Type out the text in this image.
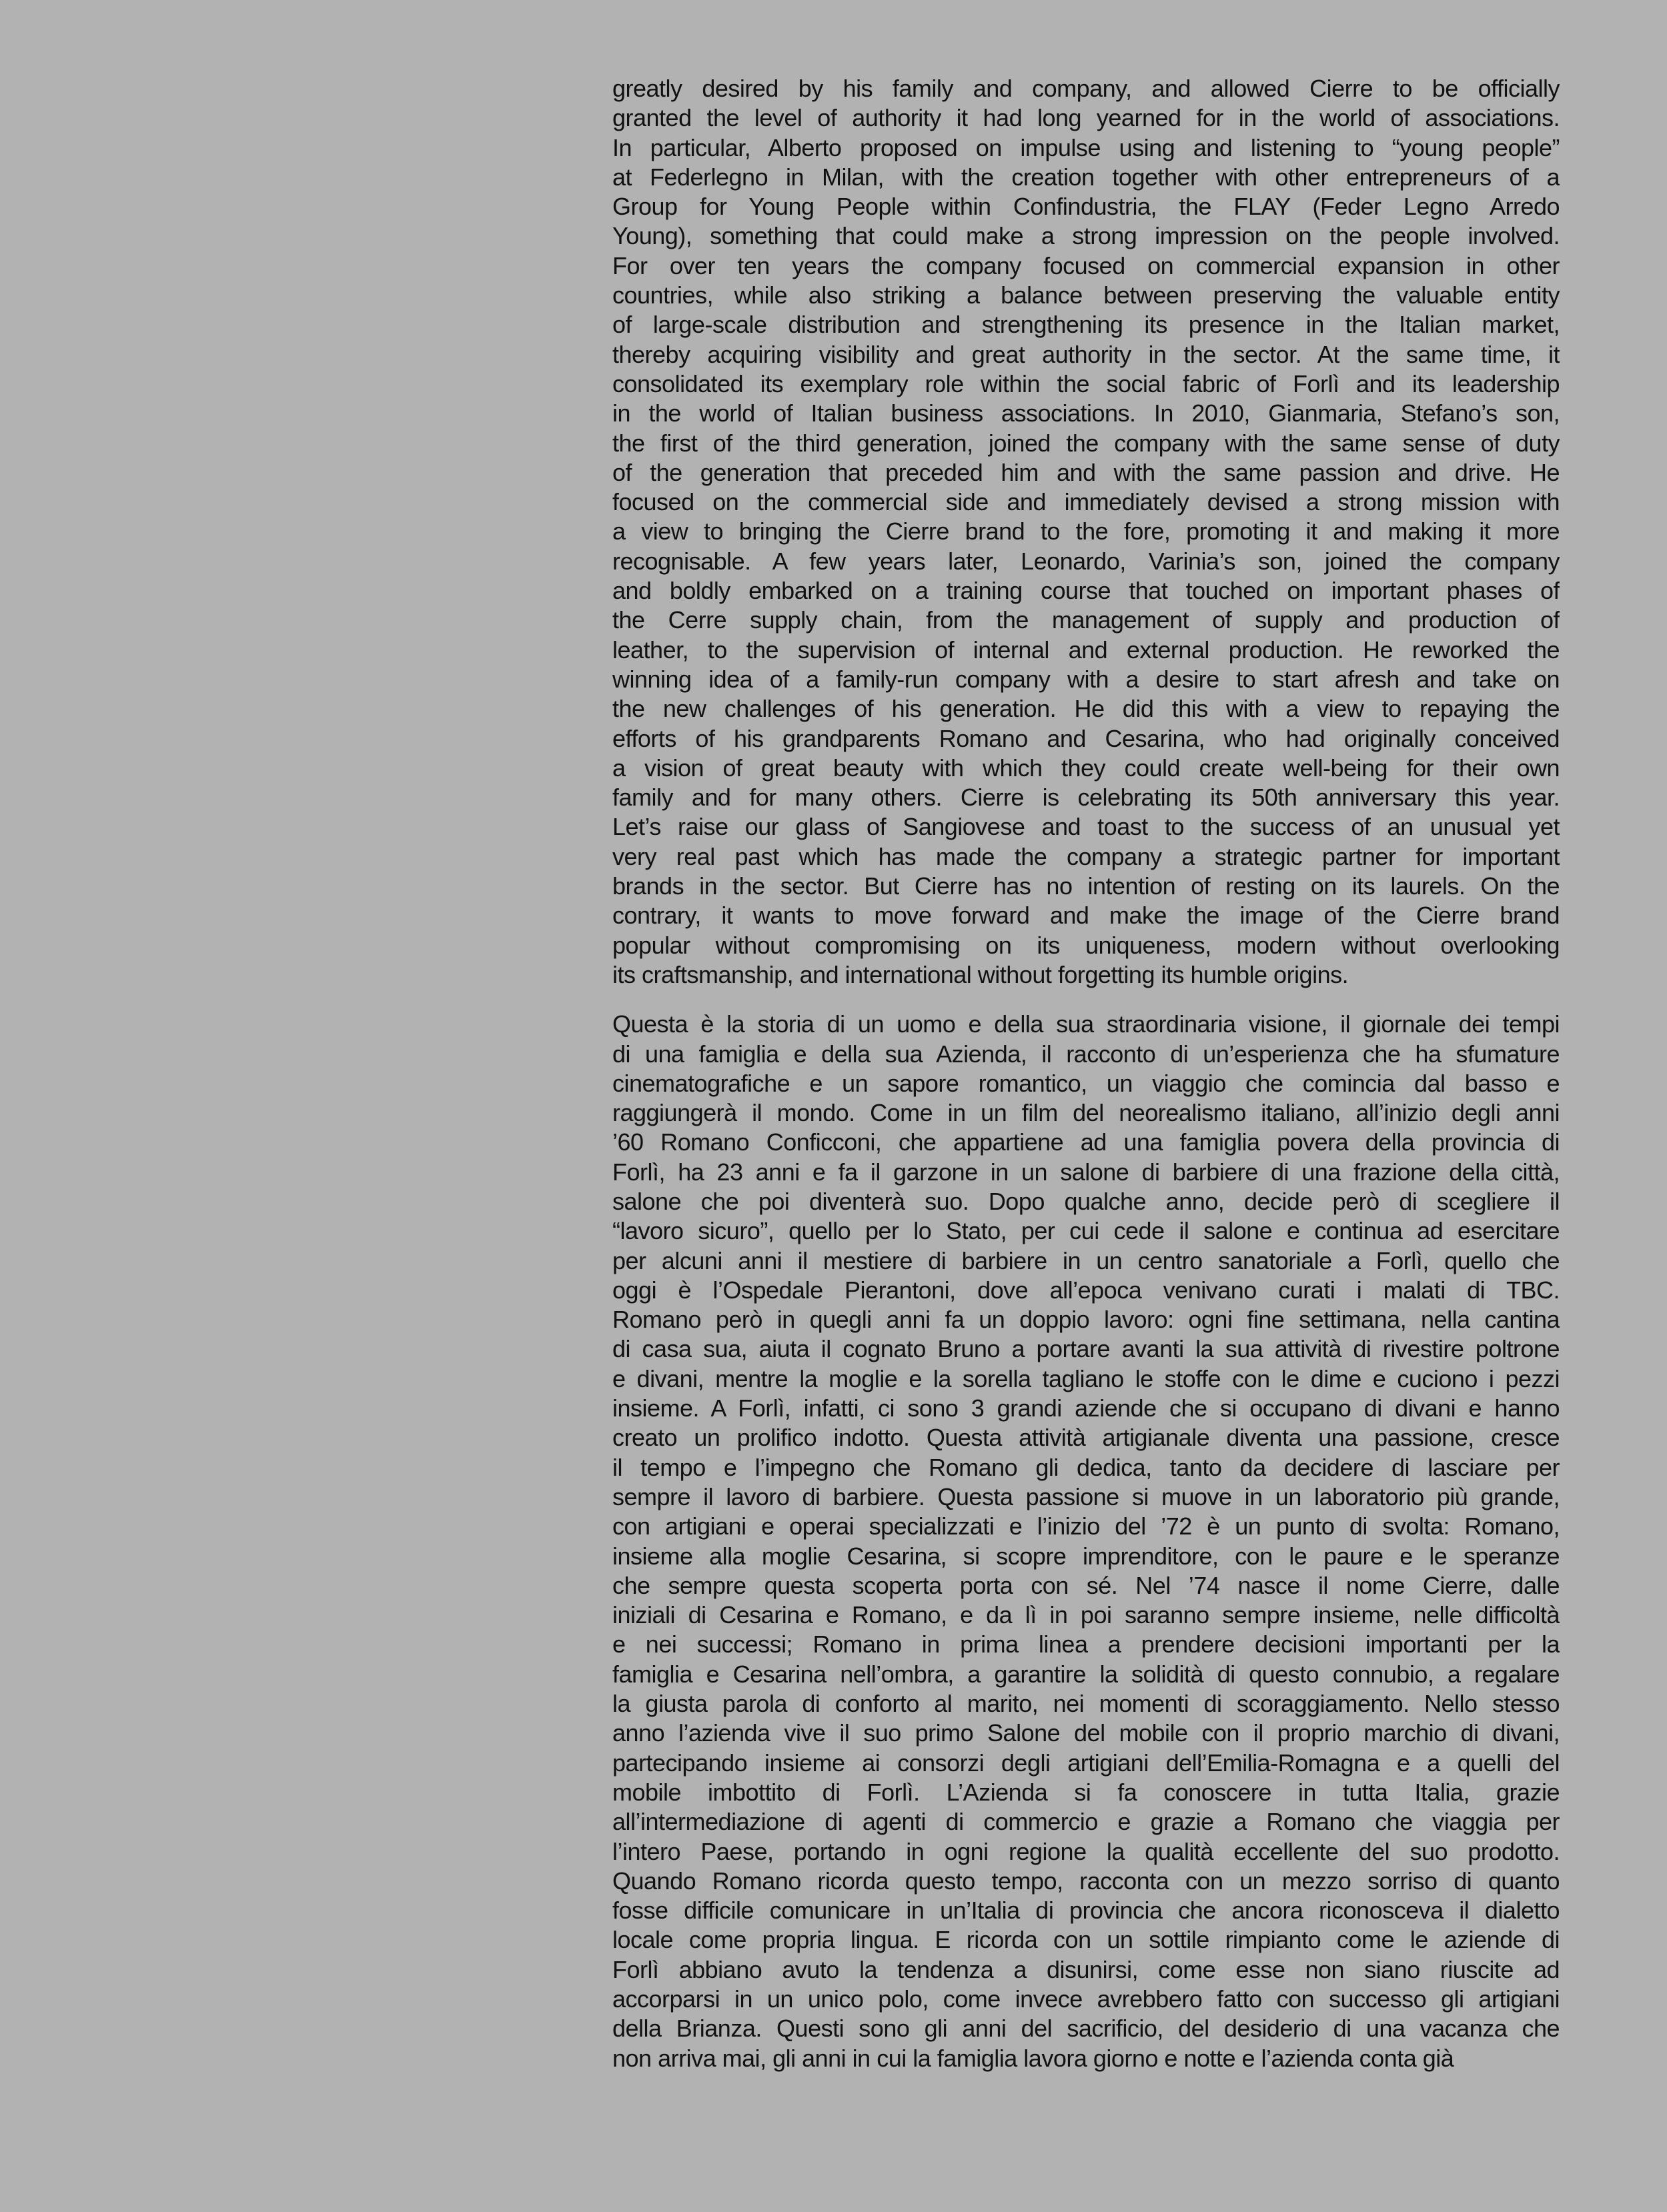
greatly desired by his family and company, and allowed Cierre to be officially
granted the level of authority it had long yearned for in the world of associations.
In particular, Alberto proposed on impulse using and listening to “young people”
at Federlegno in Milan, with the creation together with other entrepreneurs of a
Group for Young People within Confindustria, the FLAY (Feder Legno Arredo
Young), something that could make a strong impression on the people involved.
For over ten years the company focused on commercial expansion in other
countries, while also striking a balance between preserving the valuable entity
of large-scale distribution and strengthening its presence in the Italian market,
thereby acquiring visibility and great authority in the sector. At the same time, it
consolidated its exemplary role within the social fabric of Forlì and its leadership
in the world of Italian business associations. In 2010, Gianmaria, Stefano’s son,
the first of the third generation, joined the company with the same sense of duty
of the generation that preceded him and with the same passion and drive. He
focused on the commercial side and immediately devised a strong mission with
a view to bringing the Cierre brand to the fore, promoting it and making it more
recognisable. A few years later, Leonardo, Varinia’s son, joined the company
and boldly embarked on a training course that touched on important phases of
the Cerre supply chain, from the management of supply and production of
leather, to the supervision of internal and external production. He reworked the
winning idea of a family-run company with a desire to start afresh and take on
the new challenges of his generation. He did this with a view to repaying the
efforts of his grandparents Romano and Cesarina, who had originally conceived
a vision of great beauty with which they could create well-being for their own
family and for many others. Cierre is celebrating its 50th anniversary this year.
Let’s raise our glass of Sangiovese and toast to the success of an unusual yet
very real past which has made the company a strategic partner for important
brands in the sector. But Cierre has no intention of resting on its laurels. On the
contrary, it wants to move forward and make the image of the Cierre brand
popular without compromising on its uniqueness, modern without overlooking
its craftsmanship, and international without forgetting its humble origins.
Questa è la storia di un uomo e della sua straordinaria visione, il giornale dei tempi
di una famiglia e della sua Azienda, il racconto di un’esperienza che ha sfumature
cinematografiche e un sapore romantico, un viaggio che comincia dal basso e
raggiungerà il mondo. Come in un film del neorealismo italiano, all’inizio degli anni
’60 Romano Conficconi, che appartiene ad una famiglia povera della provincia di
Forlì, ha 23 anni e fa il garzone in un salone di barbiere di una frazione della città,
salone che poi diventerà suo. Dopo qualche anno, decide però di scegliere il
“lavoro sicuro”, quello per lo Stato, per cui cede il salone e continua ad esercitare
per alcuni anni il mestiere di barbiere in un centro sanatoriale a Forlì, quello che
oggi è l’Ospedale Pierantoni, dove all’epoca venivano curati i malati di TBC.
Romano però in quegli anni fa un doppio lavoro: ogni fine settimana, nella cantina
di casa sua, aiuta il cognato Bruno a portare avanti la sua attività di rivestire poltrone
e divani, mentre la moglie e la sorella tagliano le stoffe con le dime e cuciono i pezzi
insieme. A Forlì, infatti, ci sono 3 grandi aziende che si occupano di divani e hanno
creato un prolifico indotto. Questa attività artigianale diventa una passione, cresce
il tempo e l’impegno che Romano gli dedica, tanto da decidere di lasciare per
sempre il lavoro di barbiere. Questa passione si muove in un laboratorio più grande,
con artigiani e operai specializzati e l’inizio del ’72 è un punto di svolta: Romano,
insieme alla moglie Cesarina, si scopre imprenditore, con le paure e le speranze
che sempre questa scoperta porta con sé. Nel ’74 nasce il nome Cierre, dalle
iniziali di Cesarina e Romano, e da lì in poi saranno sempre insieme, nelle difficoltà
e nei successi; Romano in prima linea a prendere decisioni importanti per la
famiglia e Cesarina nell’ombra, a garantire la solidità di questo connubio, a regalare
la giusta parola di conforto al marito, nei momenti di scoraggiamento. Nello stesso
anno l’azienda vive il suo primo Salone del mobile con il proprio marchio di divani,
partecipando insieme ai consorzi degli artigiani dell’Emilia-Romagna e a quelli del
mobile imbottito di Forlì. L’Azienda si fa conoscere in tutta Italia, grazie
all’intermediazione di agenti di commercio e grazie a Romano che viaggia per
l’intero Paese, portando in ogni regione la qualità eccellente del suo prodotto.
Quando Romano ricorda questo tempo, racconta con un mezzo sorriso di quanto
fosse difficile comunicare in un’Italia di provincia che ancora riconosceva il dialetto
locale come propria lingua. E ricorda con un sottile rimpianto come le aziende di
Forlì abbiano avuto la tendenza a disunirsi, come esse non siano riuscite ad
accorparsi in un unico polo, come invece avrebbero fatto con successo gli artigiani
della Brianza. Questi sono gli anni del sacrificio, del desiderio di una vacanza che
non arriva mai, gli anni in cui la famiglia lavora giorno e notte e l’azienda conta già
